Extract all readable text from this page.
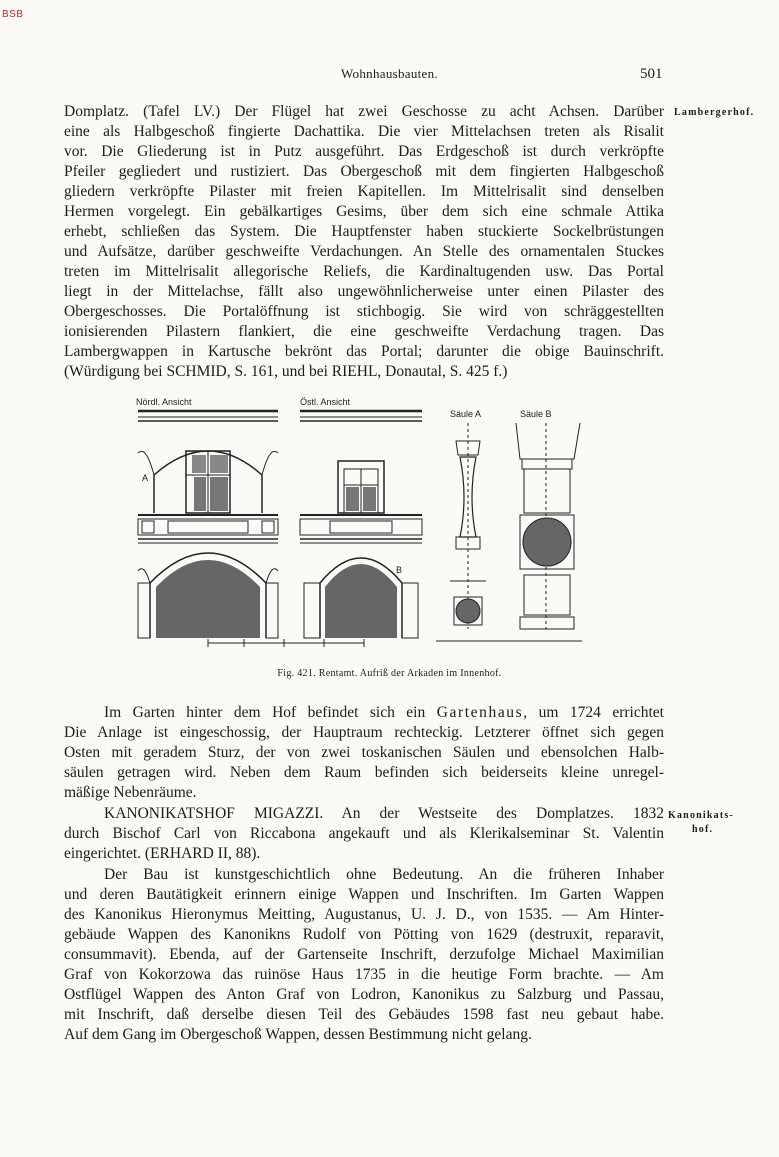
BSB
Wohnhausbauten.	501
Lambergerhof.
Domplatz. (Tafel LV.) Der Flügel hat zwei Geschosse zu acht Achsen. Darüber
eine als Halbgeschoß fingierte Dachattika. Die vier Mittelachsen treten als Risalit
vor. Die Gliederung ist in Putz ausgeführt. Das Erdgeschoß ist durch verkröpfte
Pfeiler gegliedert und rustiziert. Das Obergeschoß mit dem fingierten Halbgeschoß
gliedern verkröpfte Pilaster mit freien Kapitellen. Im Mittelrisalit sind denselben
Hermen vorgelegt. Ein gebälkartiges Gesims, über dem sich eine schmale Attika
erhebt, schließen das System. Die Hauptfenster haben stuckierte Sockelbrüstungen
und Aufsätze, darüber geschweifte Verdachungen. An Stelle des ornamentalen Stuckes
treten im Mittelrisalit allegorische Reliefs, die Kardinaltugenden usw. Das Portal
liegt in der Mittelachse, fällt also ungewöhnlicherweise unter einen Pilaster des
Obergeschosses. Die Portalöffnung ist stichbogig. Sie wird von schräggestellten
ionisierenden Pilastern flankiert, die eine geschweifte Verdachung tragen. Das
Lambergwappen in Kartusche bekrönt das Portal; darunter die obige Bauinschrift.
(Würdigung bei SCHMID, S. 161, und bei RIEHL, Donautal, S. 425 f.)
Nördl. Ansicht	Östl. Ansicht
Säule A	Säule B
A
B
Fig. 421. Rentamt. Aufriß der Arkaden im Innenhof.
Im Garten hinter dem Hof befindet sich ein Gartenhaus, um 1724 errichtet
Die Anlage ist eingeschossig, der Hauptraum rechteckig. Letzterer öffnet sich gegen
Osten mit geradem Sturz, der von zwei toskanischen Säulen und ebensolchen Halb-
säulen getragen wird. Neben dem Raum befinden sich beiderseits kleine unregel-
mäßige Nebenräume.
Kanonikats-
hof.
KANONIKATSHOF MIGAZZI. An der Westseite des Domplatzes. 1832
durch Bischof Carl von Riccabona angekauft und als Klerikalseminar St. Valentin
eingerichtet. (ERHARD II, 88).
Der Bau ist kunstgeschichtlich ohne Bedeutung. An die früheren Inhaber
und deren Bautätigkeit erinnern einige Wappen und Inschriften. Im Garten Wappen
des Kanonikus Hieronymus Meitting, Augustanus, U. J. D., von 1535. — Am Hinter-
gebäude Wappen des Kanonikns Rudolf von Pötting von 1629 (destruxit, reparavit,
consummavit). Ebenda, auf der Gartenseite Inschrift, derzufolge Michael Maximilian
Graf von Kokorzowa das ruinöse Haus 1735 in die heutige Form brachte. — Am
Ostflügel Wappen des Anton Graf von Lodron, Kanonikus zu Salzburg und Passau,
mit Inschrift, daß derselbe diesen Teil des Gebäudes 1598 fast neu gebaut habe.
Auf dem Gang im Obergeschoß Wappen, dessen Bestimmung nicht gelang.
